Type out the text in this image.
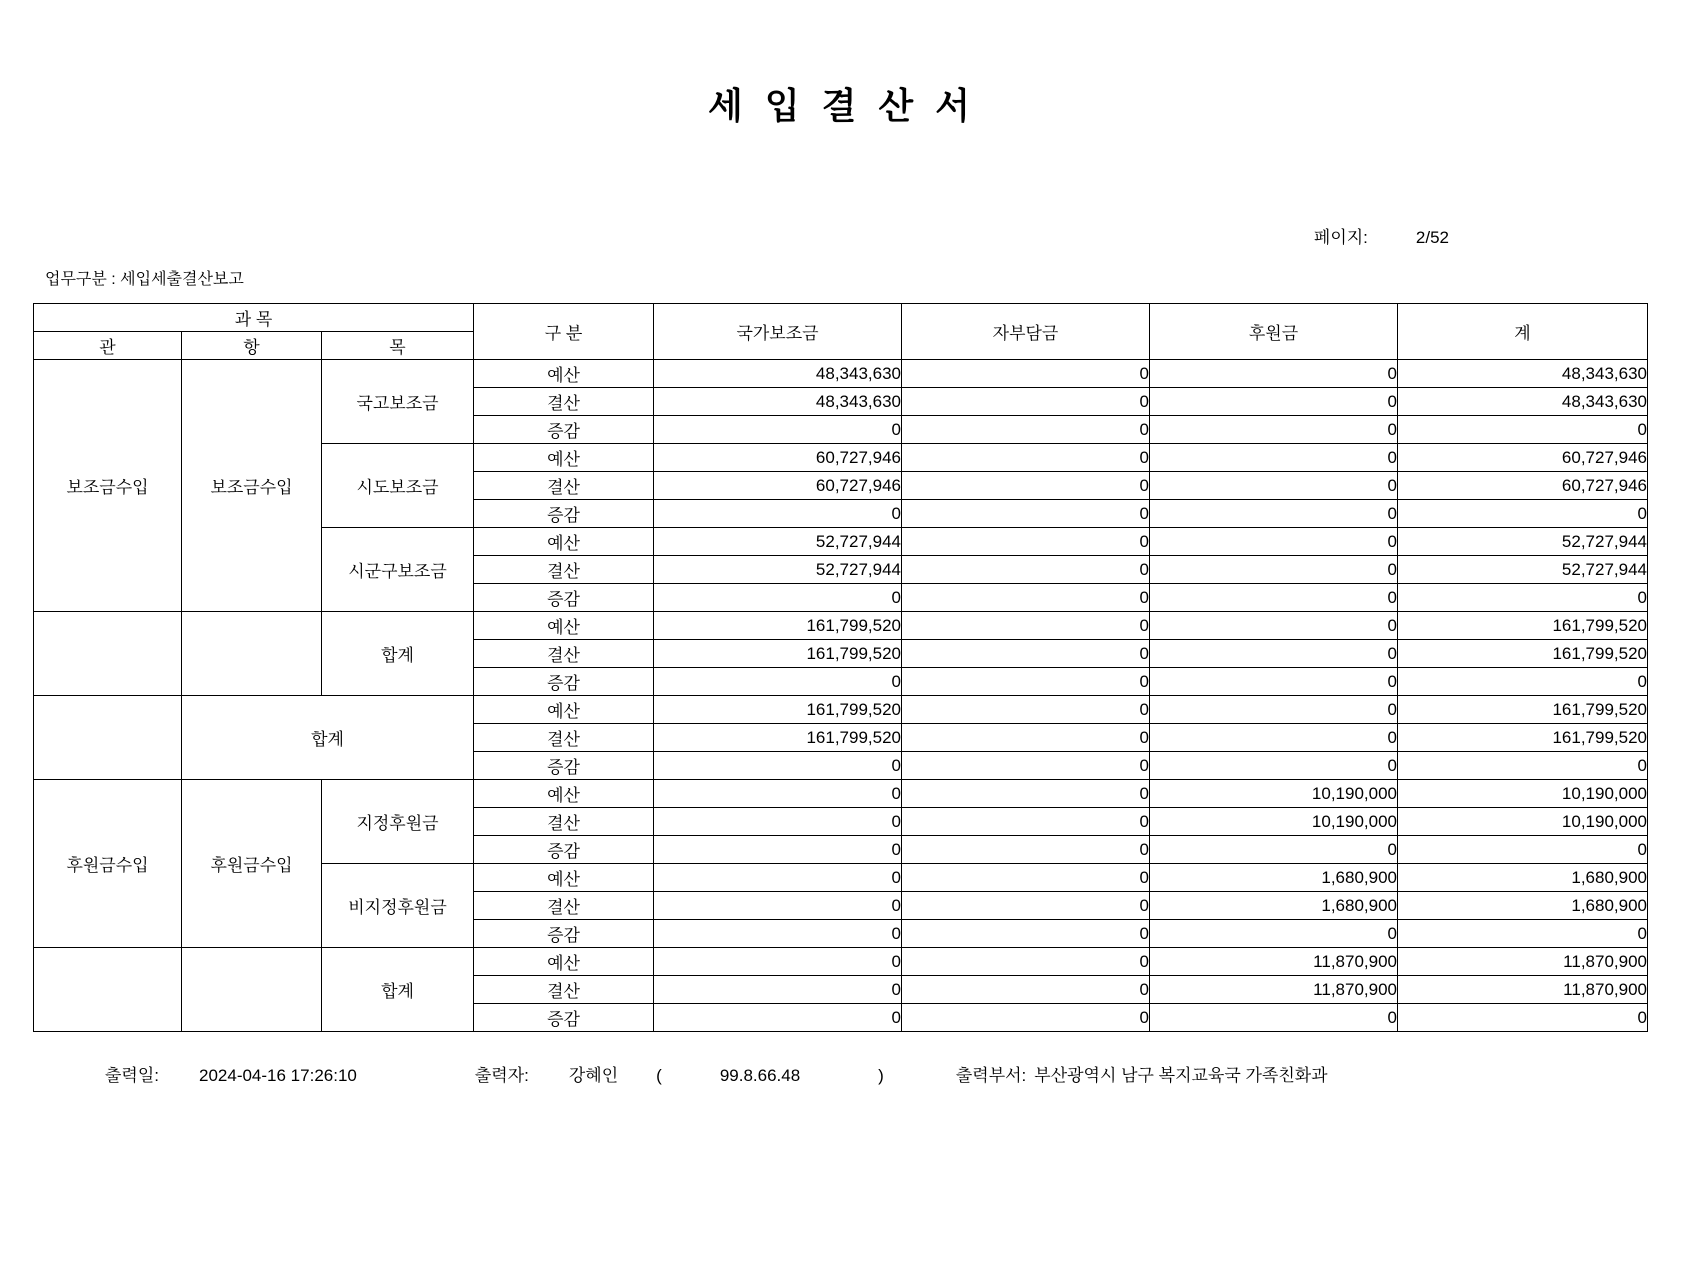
세 입 결 산 서
페이지:	2/52
업무구분 : 세입세출결산보고
과 목			구 분	국가보조금	자부담금	후원금	계
관	항	목					
보조금수입	보조금수입	국고보조금	예산	48,343,630	0	0	48,343,630
			결산	48,343,630	0	0	48,343,630
			증감	0	0	0	0
		시도보조금	예산	60,727,946	0	0	60,727,946
			결산	60,727,946	0	0	60,727,946
			증감	0	0	0	0
		시군구보조금	예산	52,727,944	0	0	52,727,944
			결산	52,727,944	0	0	52,727,944
			증감	0	0	0	0
		합계	예산	161,799,520	0	0	161,799,520
			결산	161,799,520	0	0	161,799,520
			증감	0	0	0	0
	합계		예산	161,799,520	0	0	161,799,520
			결산	161,799,520	0	0	161,799,520
			증감	0	0	0	0
후원금수입	후원금수입	지정후원금	예산	0	0	10,190,000	10,190,000
			결산	0	0	10,190,000	10,190,000
			증감	0	0	0	0
		비지정후원금	예산	0	0	1,680,900	1,680,900
			결산	0	0	1,680,900	1,680,900
			증감	0	0	0	0
		합계	예산	0	0	11,870,900	11,870,900
			결산	0	0	11,870,900	11,870,900
			증감	0	0	0	0
출력일: 2024-04-16 17:26:10	출력자: 강혜인 (	99.8.66.48	)	출력부서: 부산광역시 남구 복지교육국 가족친화과
